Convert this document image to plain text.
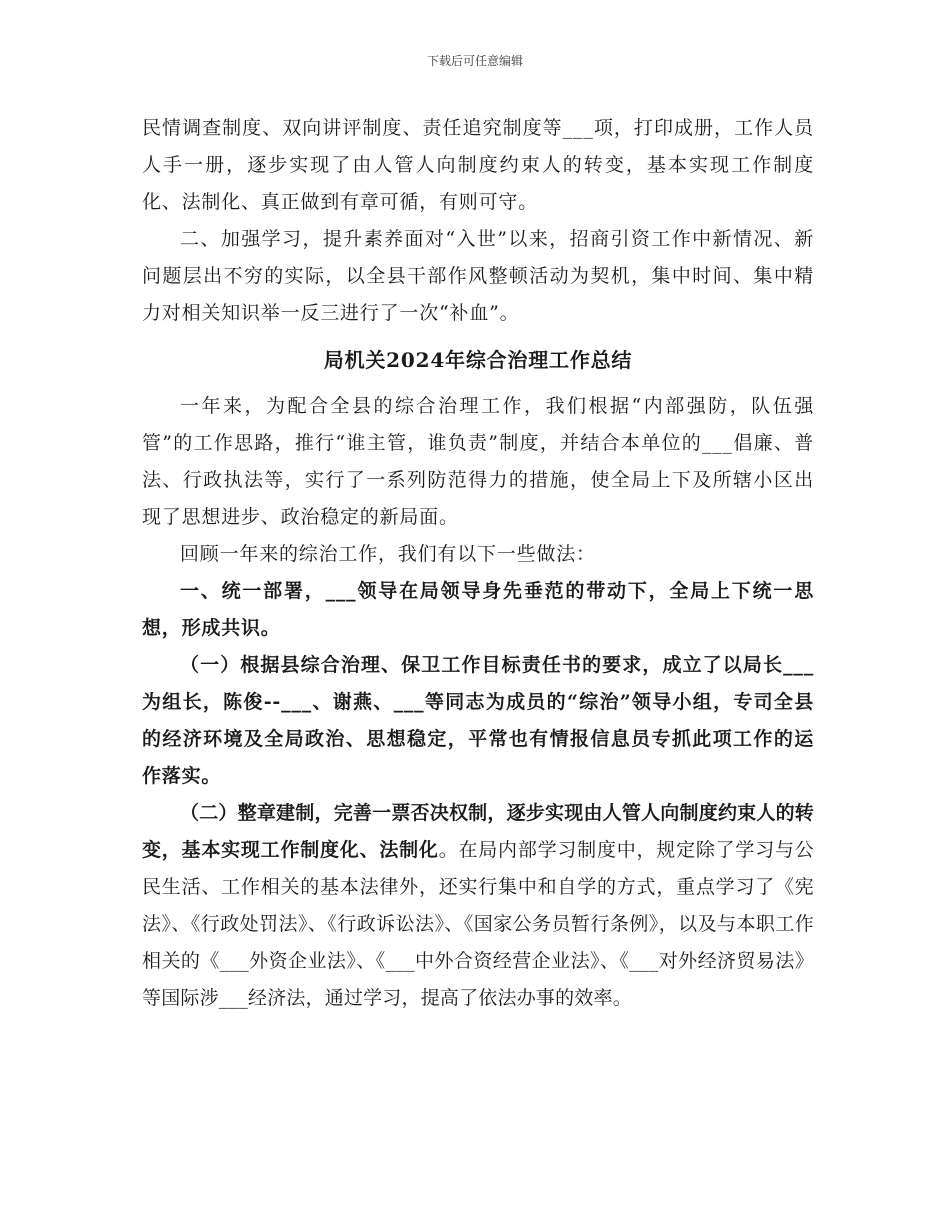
下载后可任意编辑

民情调查制度、双向讲评制度、责任追究制度等___项，打印成册，工作人员人手一册，逐步实现了由人管人向制度约束人的转变，基本实现工作制度化、法制化、真正做到有章可循，有则可守。

二、加强学习，提升素养面对“入世”以来，招商引资工作中新情况、新问题层出不穷的实际，以全县干部作风整顿活动为契机，集中时间、集中精力对相关知识举一反三进行了一次“补血”。

局机关2024年综合治理工作总结

一年来，为配合全县的综合治理工作，我们根据“内部强防，队伍强管”的工作思路，推行“谁主管，谁负责”制度，并结合本单位的___倡廉、普法、行政执法等，实行了一系列防范得力的措施，使全局上下及所辖小区出现了思想进步、政治稳定的新局面。

回顾一年来的综治工作，我们有以下一些做法：

一、统一部署，___领导在局领导身先垂范的带动下，全局上下统一思想，形成共识。

（一）根据县综合治理、保卫工作目标责任书的要求，成立了以局长___为组长，陈俊--___、谢燕、___等同志为成员的“综治”领导小组，专司全县的经济环境及全局政治、思想稳定，平常也有情报信息员专抓此项工作的运作落实。

（二）整章建制，完善一票否决权制，逐步实现由人管人向制度约束人的转变，基本实现工作制度化、法制化。在局内部学习制度中，规定除了学习与公民生活、工作相关的基本法律外，还实行集中和自学的方式，重点学习了《宪法》、《行政处罚法》、《行政诉讼法》、《国家公务员暂行条例》，以及与本职工作相关的《___外资企业法》、《___中外合资经营企业法》、《___对外经济贸易法》等国际涉___经济法，通过学习，提高了依法办事的效率。
